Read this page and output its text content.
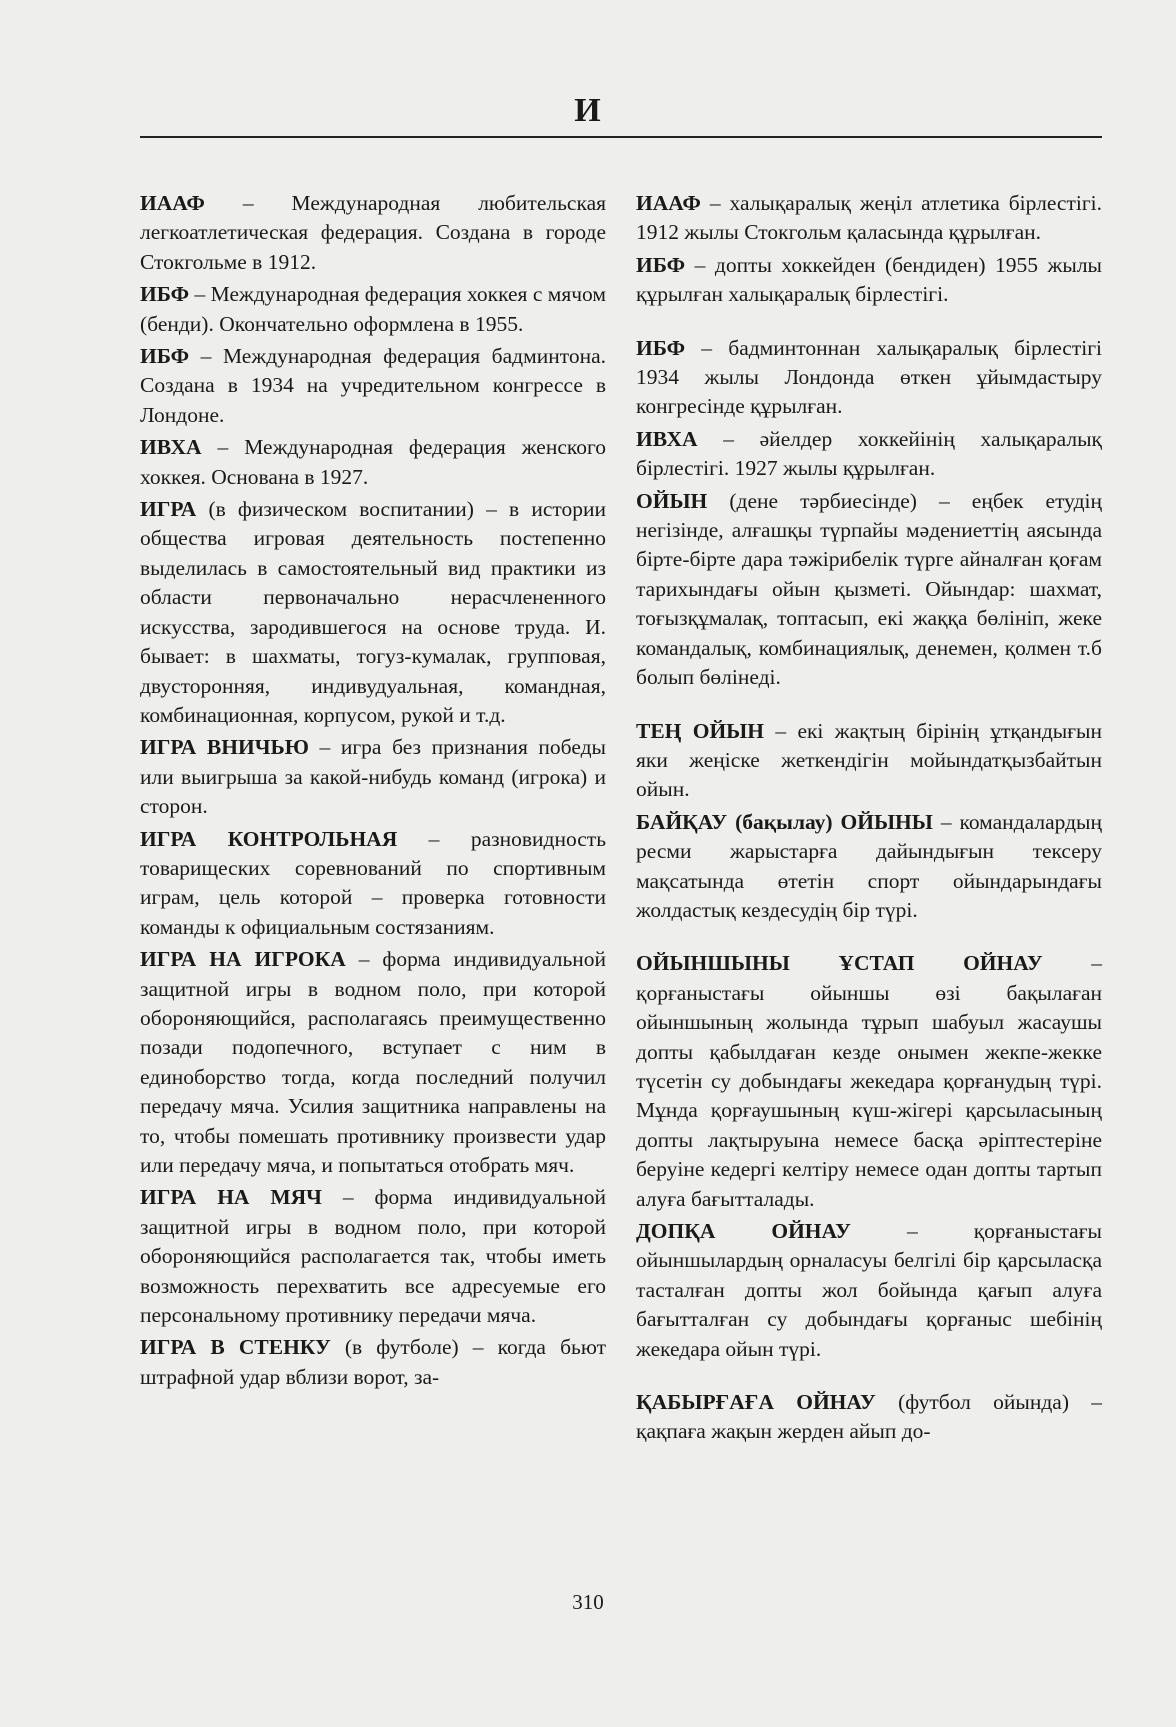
И

ИААФ – Международная любительская легкоатлетическая федерация. Создана в городе Стокгольме в 1912.

ИБФ – Международная федерация хоккея с мячом (бенди). Окончательно оформлена в 1955.

ИБФ – Международная федерация бадминтона. Создана в 1934 на учредительном конгрессе в Лондоне.

ИВХА – Международная федерация женского хоккея. Основана в 1927.

ИГРА (в физическом воспитании) – в истории общества игровая деятельность постепенно выделилась в самостоятельный вид практики из области первоначально нерасчлененного искусства, зародившегося на основе труда. И. бывает: в шахматы, тогуз-кумалак, групповая, двусторонняя, индивудуальная, командная, комбинационная, корпусом, рукой и т.д.

ИГРА ВНИЧЬЮ – игра без признания победы или выигрыша за какой-нибудь команд (игрока) и сторон.

ИГРА КОНТРОЛЬНАЯ – разновидность товарищеских соревнований по спортивным играм, цель которой – проверка готовности команды к официальным состязаниям.

ИГРА НА ИГРОКА – форма индивидуальной защитной игры в водном поло, при которой обороняющийся, располагаясь преимущественно позади подопечного, вступает с ним в единоборство тогда, когда последний получил передачу мяча. Усилия защитника направлены на то, чтобы помешать противнику произвести удар или передачу мяча, и попытаться отобрать мяч.

ИГРА НА МЯЧ – форма индивидуальной защитной игры в водном поло, при которой обороняющийся располагается так, чтобы иметь возможность перехватить все адресуемые его персональному противнику передачи мяча.

ИГРА В СТЕНКУ (в футболе) – когда бьют штрафной удар вблизи ворот, за-

ИААФ – халықаралық жеңіл атлетика бірлестігі. 1912 жылы Стокгольм қаласында құрылған.

ИБФ – допты хоккейден (бендиден) 1955 жылы құрылған халықаралық бірлестігі.

ИБФ – бадминтоннан халықаралық бірлестігі 1934 жылы Лондонда өткен ұйымдастыру конгресінде құрылған.

ИВХА – әйелдер хоккейінің халықаралық бірлестігі. 1927 жылы құрылған.

ОЙЫН (дене тәрбиесінде) – еңбек етудің негізінде, алғашқы түрпайы мәдениеттің аясында бірте-бірте дара тәжірибелік түрге айналған қоғам тарихындағы ойын қызметі. Ойындар: шахмат, тоғызқұмалақ, топтасып, екі жаққа бөлініп, жеке командалық, комбинациялық, денемен, қолмен т.б болып бөлінеді.

ТЕҢ ОЙЫН – екі жақтың бірінің ұтқандығын яки жеңіске жеткендігін мойындатқызбайтын ойын.

БАЙҚАУ (бақылау) ОЙЫНЫ – командалардың ресми жарыстарға дайындығын тексеру мақсатында өтетін спорт ойындарындағы жолдастық кездесудің бір түрі.

ОЙЫНШЫНЫ ҰСТАП ОЙНАУ – қорғаныстағы ойыншы өзі бақылаған ойыншының жолында тұрып шабуыл жасаушы допты қабылдаған кезде онымен жекпе-жекке түсетін су добындағы жекедара қорғанудың түрі. Мұнда қорғаушының күш-жігері қарсыласының допты лақтыруына немесе басқа әріптестеріне беруіне кедергі келтіру немесе одан допты тартып алуға бағытталады.

ДОПҚА ОЙНАУ – қорғаныстағы ойыншылардың орналасуы белгілі бір қарсыласқа тасталған допты жол бойында қағып алуға бағытталған су добындағы қорғаныс шебінің жекедара ойын түрі.

ҚАБЫРҒАҒА ОЙНАУ (футбол ойында) – қақпаға жақын жерден айып до-

310
